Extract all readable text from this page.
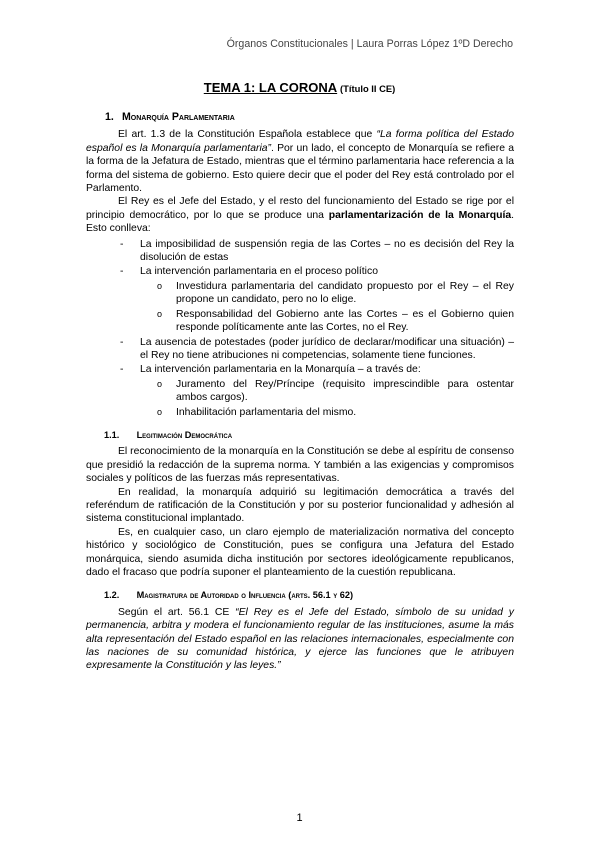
Órganos Constitucionales | Laura Porras López 1ºD Derecho
TEMA 1: LA CORONA (Título II CE)
1. Monarquía Parlamentaria

El art. 1.3 de la Constitución Española establece que “La forma política del Estado español es la Monarquía parlamentaria”. Por un lado, el concepto de Monarquía se refiere a la forma de la Jefatura de Estado, mientras que el término parlamentaria hace referencia a la forma del sistema de gobierno. Esto quiere decir que el poder del Rey está controlado por el Parlamento.

El Rey es el Jefe del Estado, y el resto del funcionamiento del Estado se rige por el principio democrático, por lo que se produce una parlamentarización de la Monarquía. Esto conlleva:

- La imposibilidad de suspensión regia de las Cortes – no es decisión del Rey la disolución de estas
- La intervención parlamentaria en el proceso político
o Investidura parlamentaria del candidato propuesto por el Rey – el Rey propone un candidato, pero no lo elige.
o Responsabilidad del Gobierno ante las Cortes – es el Gobierno quien responde políticamente ante las Cortes, no el Rey.
- La ausencia de potestades (poder jurídico de declarar/modificar una situación) – el Rey no tiene atribuciones ni competencias, solamente tiene funciones.
- La intervención parlamentaria en la Monarquía – a través de:
o Juramento del Rey/Príncipe (requisito imprescindible para ostentar ambos cargos).
o Inhabilitación parlamentaria del mismo.
1.1. Legitimación Democrática

El reconocimiento de la monarquía en la Constitución se debe al espíritu de consenso que presidió la redacción de la suprema norma. Y también a las exigencias y compromisos sociales y políticos de las fuerzas más representativas.

En realidad, la monarquía adquirió su legitimación democrática a través del referéndum de ratificación de la Constitución y por su posterior funcionalidad y adhesión al sistema constitucional implantado.

Es, en cualquier caso, un claro ejemplo de materialización normativa del concepto histórico y sociológico de Constitución, pues se configura una Jefatura del Estado monárquica, siendo asumida dicha institución por sectores ideológicamente republicanos, dado el fracaso que podría suponer el planteamiento de la cuestión republicana.

1.2. Magistratura de Autoridad o Influencia (arts. 56.1 y 62)

Según el art. 56.1 CE “El Rey es el Jefe del Estado, símbolo de su unidad y permanencia, arbitra y modera el funcionamiento regular de las instituciones, asume la más alta representación del Estado español en las relaciones internacionales, especialmente con las naciones de su comunidad histórica, y ejerce las funciones que le atribuyen expresamente la Constitución y las leyes.”

1
